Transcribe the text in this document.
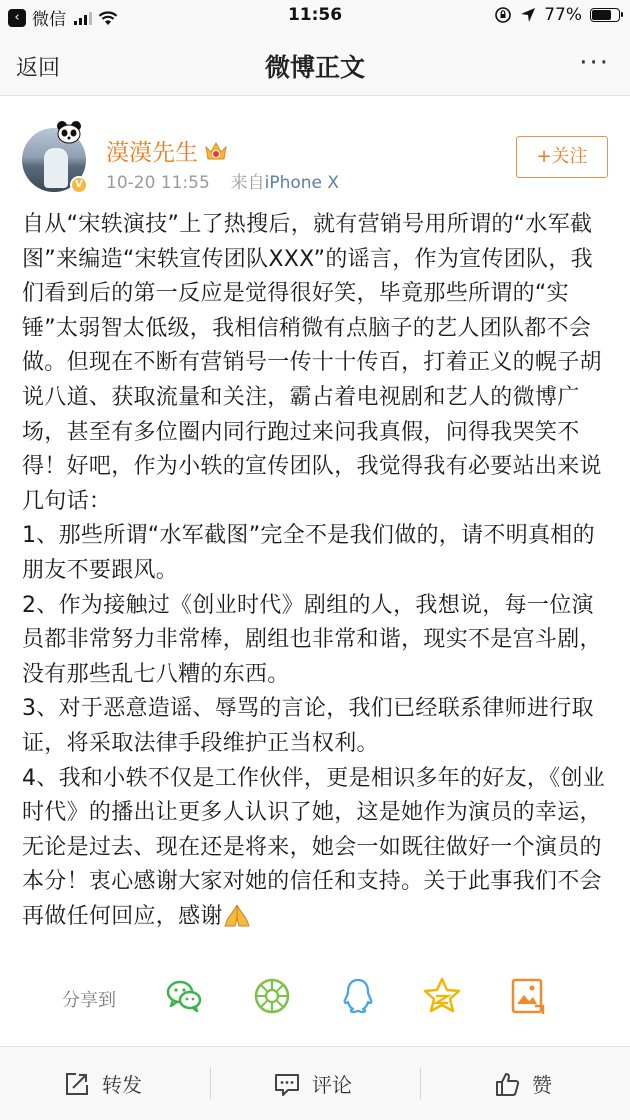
‹ 微信	11:56	77%
返回	微博正文	···
V
漠漠先生
10-20 11:55 来自iPhone X
+关注

自从“宋轶演技”上了热搜后，就有营销号用所谓的“水军截图”来编造“宋轶宣传团队XXX”的谣言，作为宣传团队，我们看到后的第一反应是觉得很好笑，毕竟那些所谓的“实锤”太弱智太低级，我相信稍微有点脑子的艺人团队都不会做。但现在不断有营销号一传十十传百，打着正义的幌子胡说八道、获取流量和关注，霸占着电视剧和艺人的微博广场，甚至有多位圈内同行跑过来问我真假，问得我哭笑不得！好吧，作为小轶的宣传团队，我觉得我有必要站出来说几句话：

1、那些所谓“水军截图”完全不是我们做的，请不明真相的朋友不要跟风。

2、作为接触过《创业时代》剧组的人，我想说，每一位演员都非常努力非常棒，剧组也非常和谐，现实不是宫斗剧，没有那些乱七八糟的东西。

3、对于恶意造谣、辱骂的言论，我们已经联系律师进行取证，将采取法律手段维护正当权利。

4、我和小轶不仅是工作伙伴，更是相识多年的好友，《创业时代》的播出让更多人认识了她，这是她作为演员的幸运，无论是过去、现在还是将来，她会一如既往做好一个演员的本分！衷心感谢大家对她的信任和支持。关于此事我们不会再做任何回应，感谢

分享到
转发	评论	赞
